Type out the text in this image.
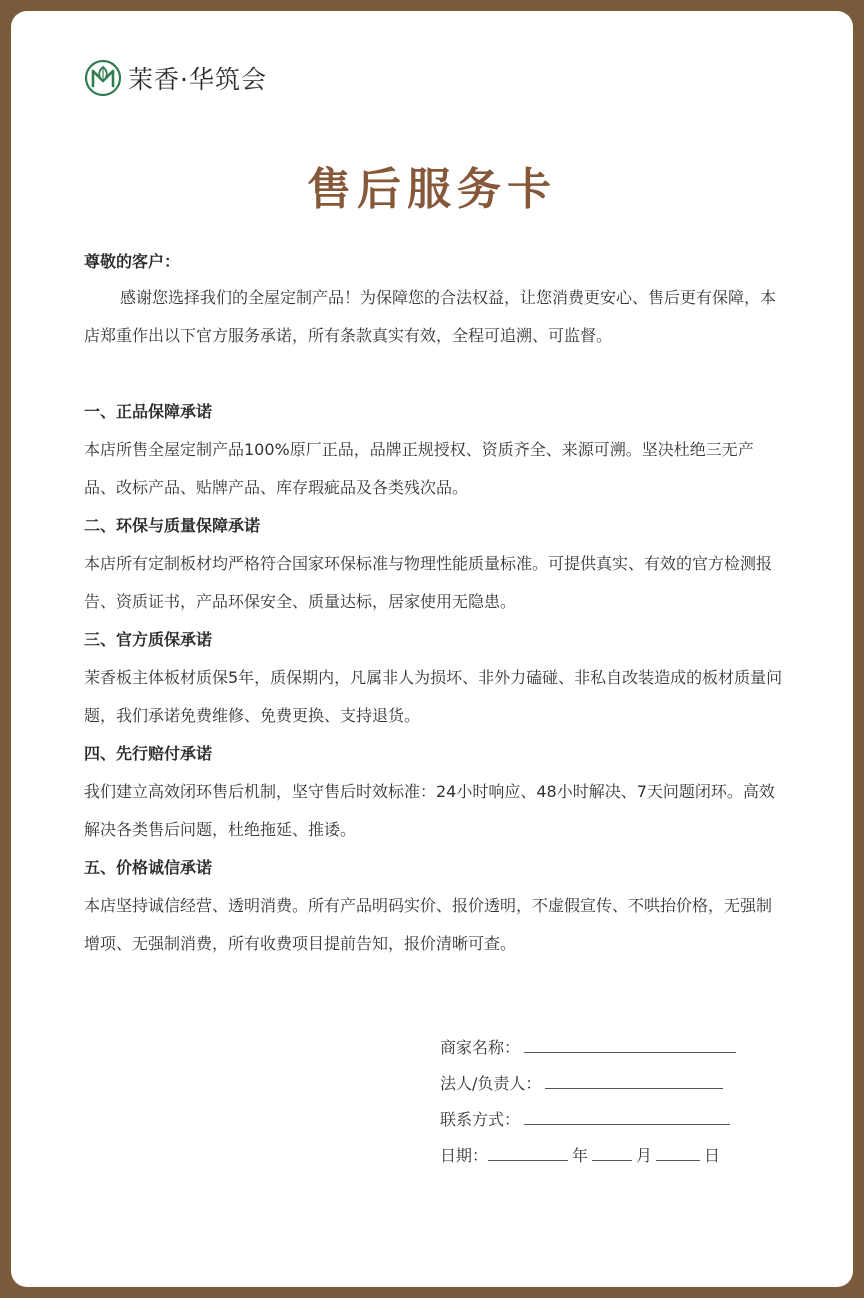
茉香·华筑会
售后服务卡

尊敬的客户：

感谢您选择我们的全屋定制产品！为保障您的合法权益，让您消费更安心、售后更有保障，本店郑重作出以下官方服务承诺，所有条款真实有效，全程可追溯、可监督。

一、正品保障承诺

本店所售全屋定制产品100%原厂正品，品牌正规授权、资质齐全、来源可溯。坚决杜绝三无产品、改标产品、贴牌产品、库存瑕疵品及各类残次品。

二、环保与质量保障承诺

本店所有定制板材均严格符合国家环保标准与物理性能质量标准。可提供真实、有效的官方检测报告、资质证书，产品环保安全、质量达标，居家使用无隐患。

三、官方质保承诺

茉香板主体板材质保5年，质保期内，凡属非人为损坏、非外力磕碰、非私自改装造成的板材质量问题，我们承诺免费维修、免费更换、支持退货。

四、先行赔付承诺

我们建立高效闭环售后机制，坚守售后时效标准：24小时响应、48小时解决、7天问题闭环。高效解决各类售后问题，杜绝拖延、推诿。

五、价格诚信承诺

本店坚持诚信经营、透明消费。所有产品明码实价、报价透明，不虚假宣传、不哄抬价格，无强制增项、无强制消费，所有收费项目提前告知，报价清晰可查。

商家名称：
法人/负责人：
联系方式：
日期：	年	月	日
